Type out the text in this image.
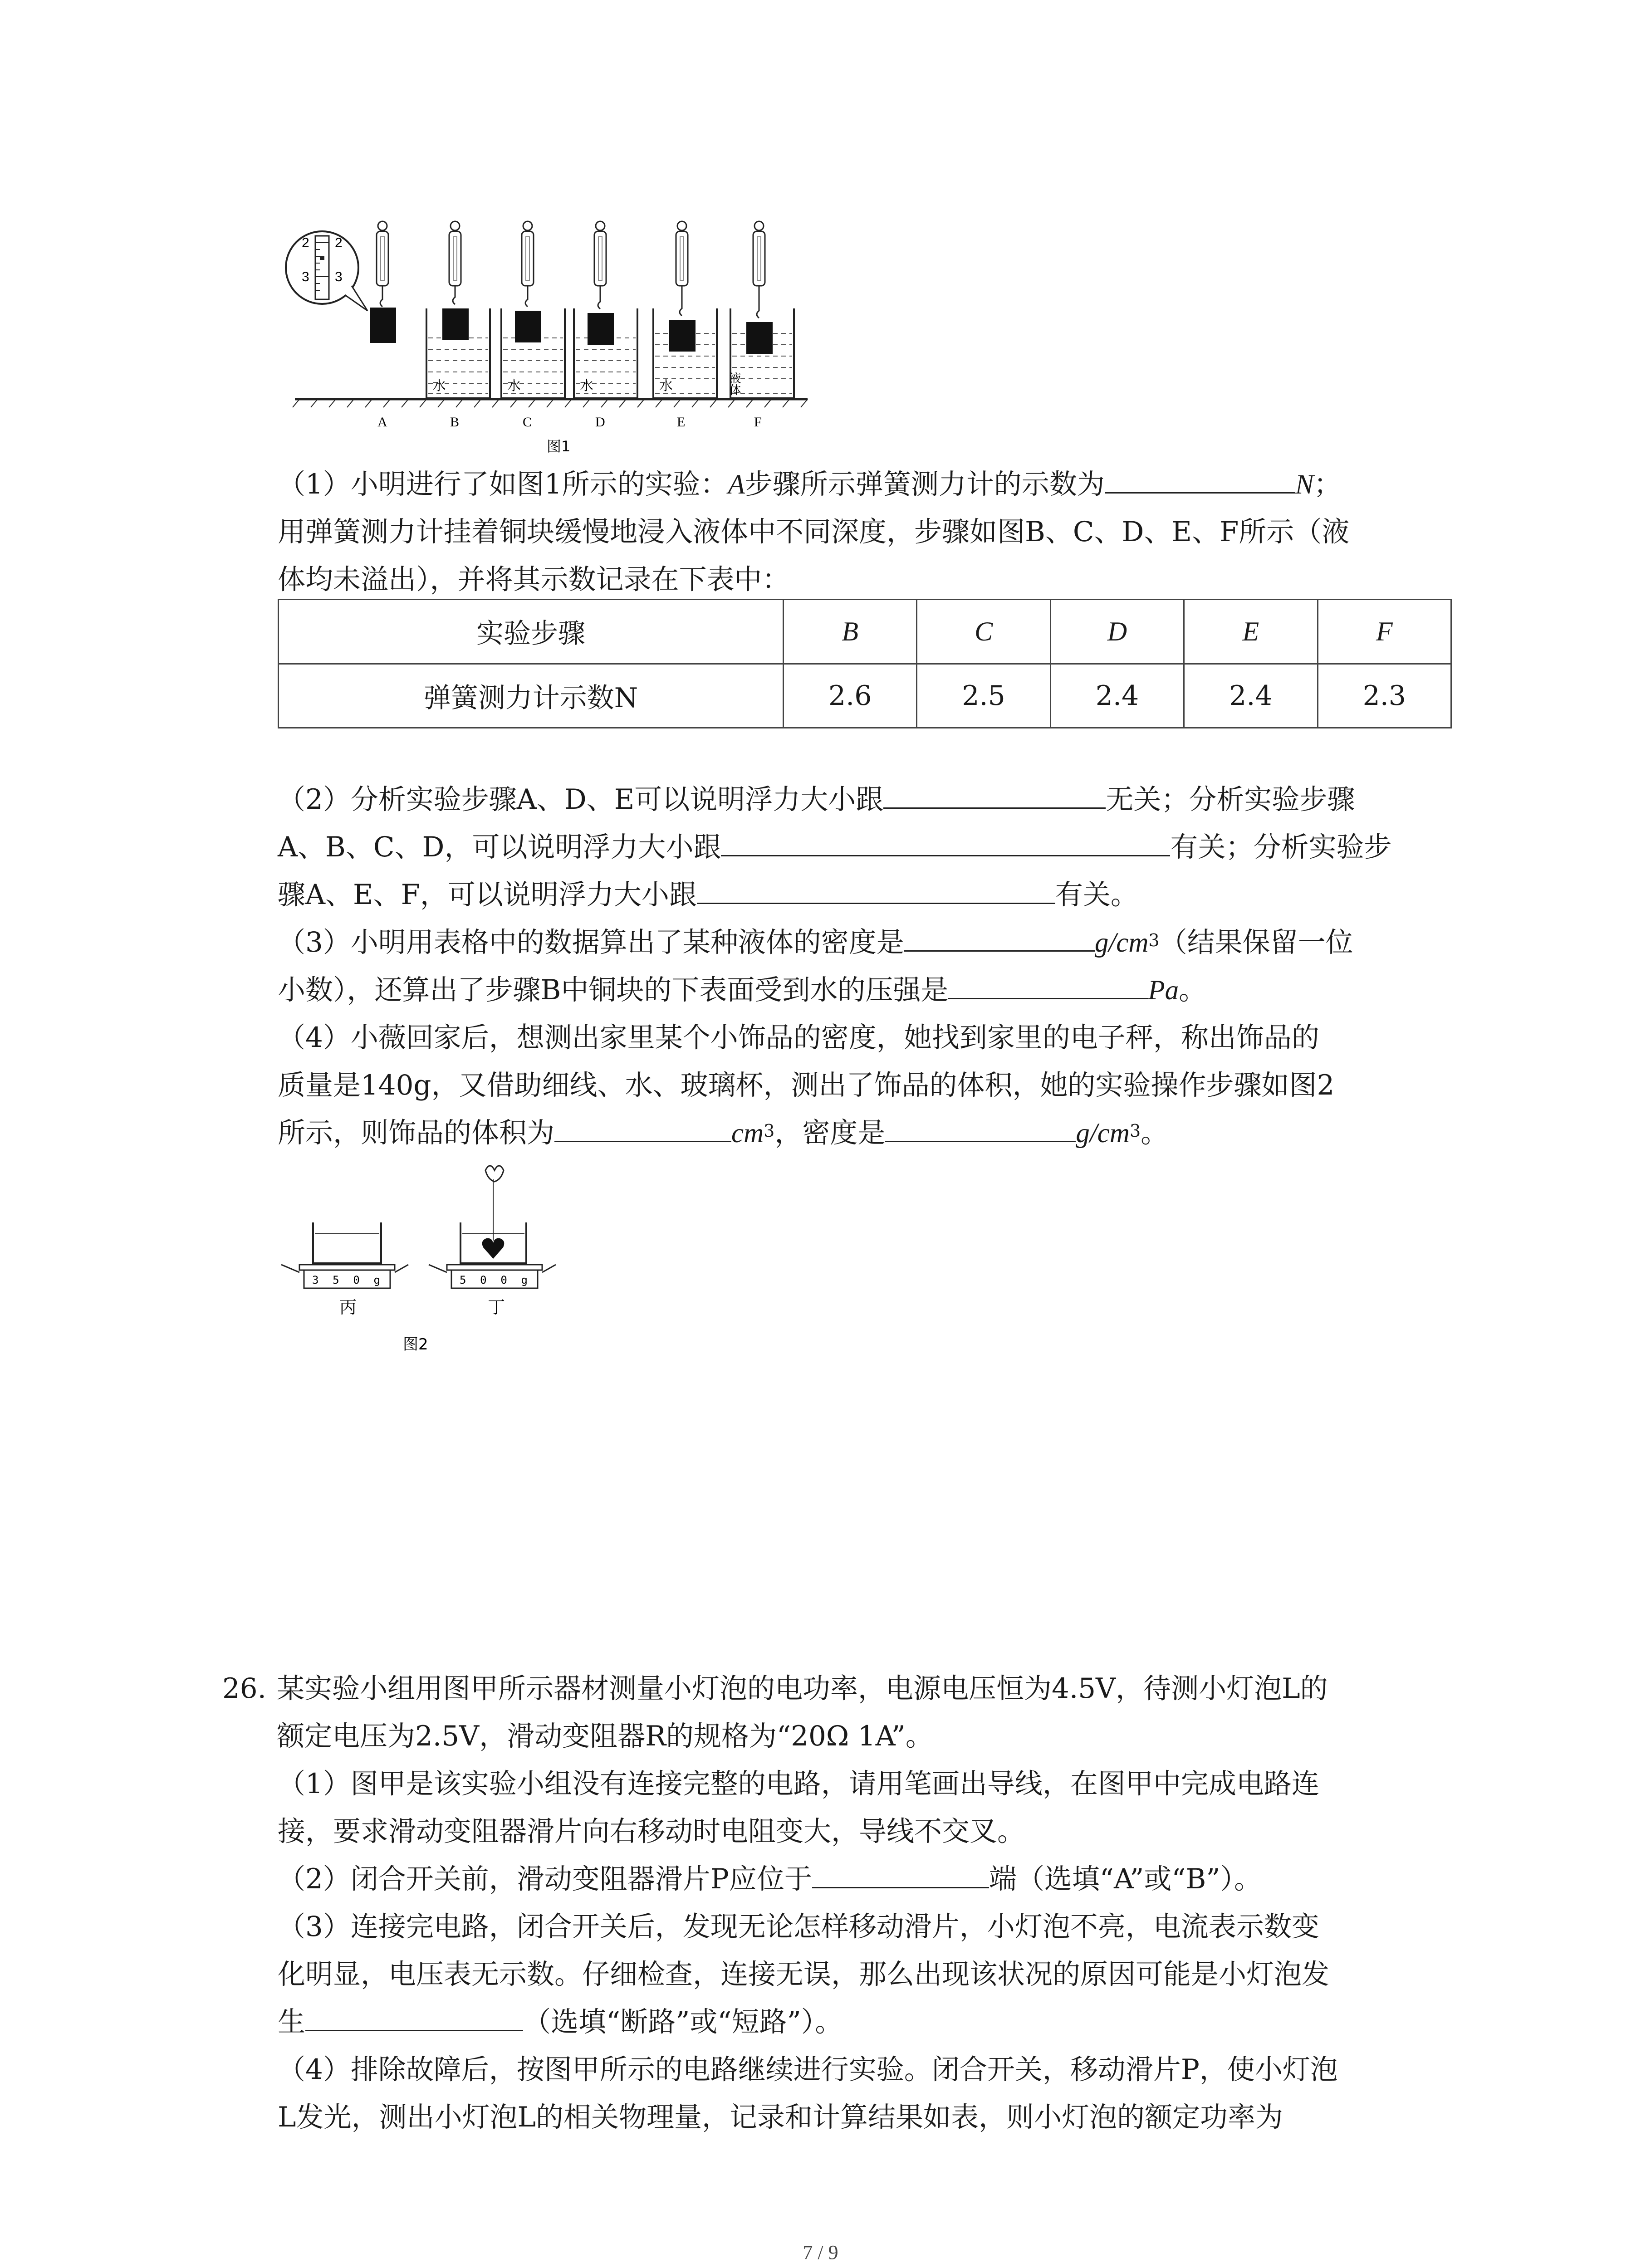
2 2
3 3
水	水	水	水	液体
A	B	C	D	E	F
图1

（1）小明进行了如图1所示的实验：A步骤所示弹簧测力计的示数为	N；

用弹簧测力计挂着铜块缓慢地浸入液体中不同深度，步骤如图B、C、D、E、F所示（液

体均未溢出），并将其示数记录在下表中：

实验步骤	B	C	D	E	F
弹簧测力计示数N	2.6	2.5	2.4	2.4	2.3

（2）分析实验步骤A、D、E可以说明浮力大小跟	无关；分析实验步骤

A、B、C、D，可以说明浮力大小跟	有关；分析实验步

骤A、E、F，可以说明浮力大小跟	有关。

（3）小明用表格中的数据算出了某种液体的密度是	$g/cm^3$（结果保留一位

小数），还算出了步骤B中铜块的下表面受到水的压强是	Pa。

（4）小薇回家后，想测出家里某个小饰品的密度，她找到家里的电子秤，称出饰品的

质量是140g，又借助细线、水、玻璃杯，测出了饰品的体积，她的实验操作步骤如图2

所示，则饰品的体积为	$cm^3$，密度是	$g/cm^3$。

3 5 0 g	5 0 0 g
丙	丁
图2

26. 某实验小组用图甲所示器材测量小灯泡的电功率，电源电压恒为4.5V，待测小灯泡L的

额定电压为2.5V，滑动变阻器R的规格为“20Ω 1A”。

（1）图甲是该实验小组没有连接完整的电路，请用笔画出导线，在图甲中完成电路连

接，要求滑动变阻器滑片向右移动时电阻变大，导线不交叉。

（2）闭合开关前，滑动变阻器滑片P应位于	端（选填“A”或“B”）。

（3）连接完电路，闭合开关后，发现无论怎样移动滑片，小灯泡不亮，电流表示数变

化明显，电压表无示数。仔细检查，连接无误，那么出现该状况的原因可能是小灯泡发

生	（选填“断路”或“短路”）。

（4）排除故障后，按图甲所示的电路继续进行实验。闭合开关，移动滑片P，使小灯泡

L发光，测出小灯泡L的相关物理量，记录和计算结果如表，则小灯泡的额定功率为

7 / 9
